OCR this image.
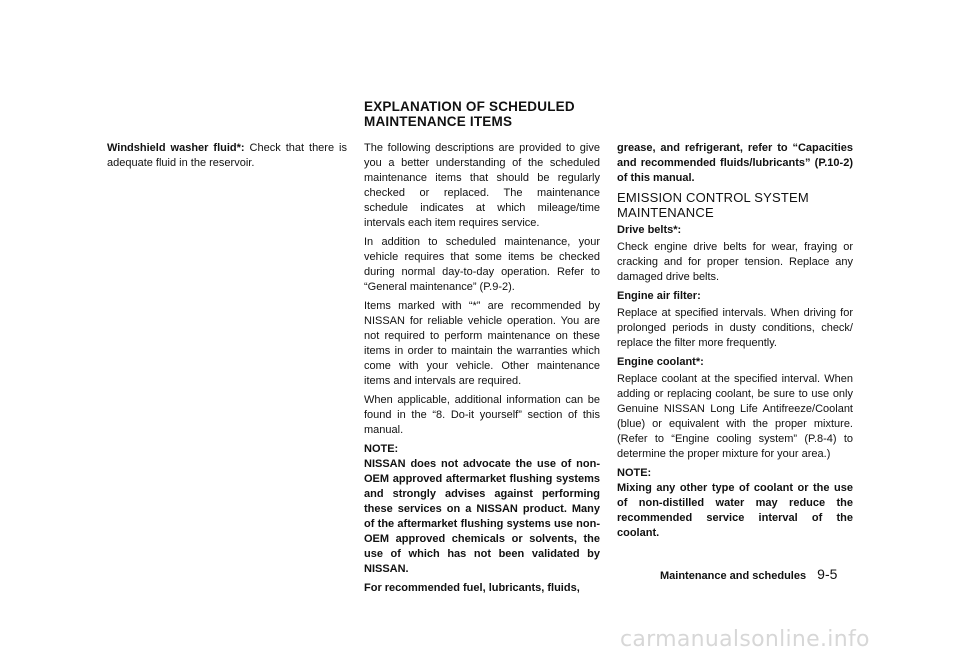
EXPLANATION OF SCHEDULED
MAINTENANCE ITEMS

Windshield washer fluid*: Check that there is adequate fluid in the reservoir.

The following descriptions are provided to give you a better understanding of the scheduled maintenance items that should be regularly checked or replaced. The maintenance schedule indicates at which mileage/time intervals each item requires service.

In addition to scheduled maintenance, your vehicle requires that some items be checked during normal day-to-day operation. Refer to “General maintenance” (P.9-2).

Items marked with “*” are recommended by NISSAN for reliable vehicle operation. You are not required to perform maintenance on these items in order to maintain the warranties which come with your vehicle. Other maintenance items and intervals are required.

When applicable, additional information can be found in the “8. Do-it yourself” section of this manual.

NOTE:

NISSAN does not advocate the use of non-OEM approved aftermarket flushing systems and strongly advises against performing these services on a NISSAN product. Many of the aftermarket flushing systems use non-OEM approved chemicals or solvents, the use of which has not been validated by NISSAN.

For recommended fuel, lubricants, fluids,

grease, and refrigerant, refer to “Capacities and recommended fluids/lubricants” (P.10-2) of this manual.

EMISSION CONTROL SYSTEM MAINTENANCE

Drive belts*:

Check engine drive belts for wear, fraying or cracking and for proper tension. Replace any damaged drive belts.

Engine air filter:

Replace at specified intervals. When driving for prolonged periods in dusty conditions, check/ replace the filter more frequently.

Engine coolant*:

Replace coolant at the specified interval. When adding or replacing coolant, be sure to use only Genuine NISSAN Long Life Antifreeze/Coolant (blue) or equivalent with the proper mixture. (Refer to “Engine cooling system” (P.8-4) to determine the proper mixture for your area.)

NOTE:

Mixing any other type of coolant or the use of non-distilled water may reduce the recommended service interval of the coolant.

Maintenance and schedules 9-5
carmanualsonline.info
